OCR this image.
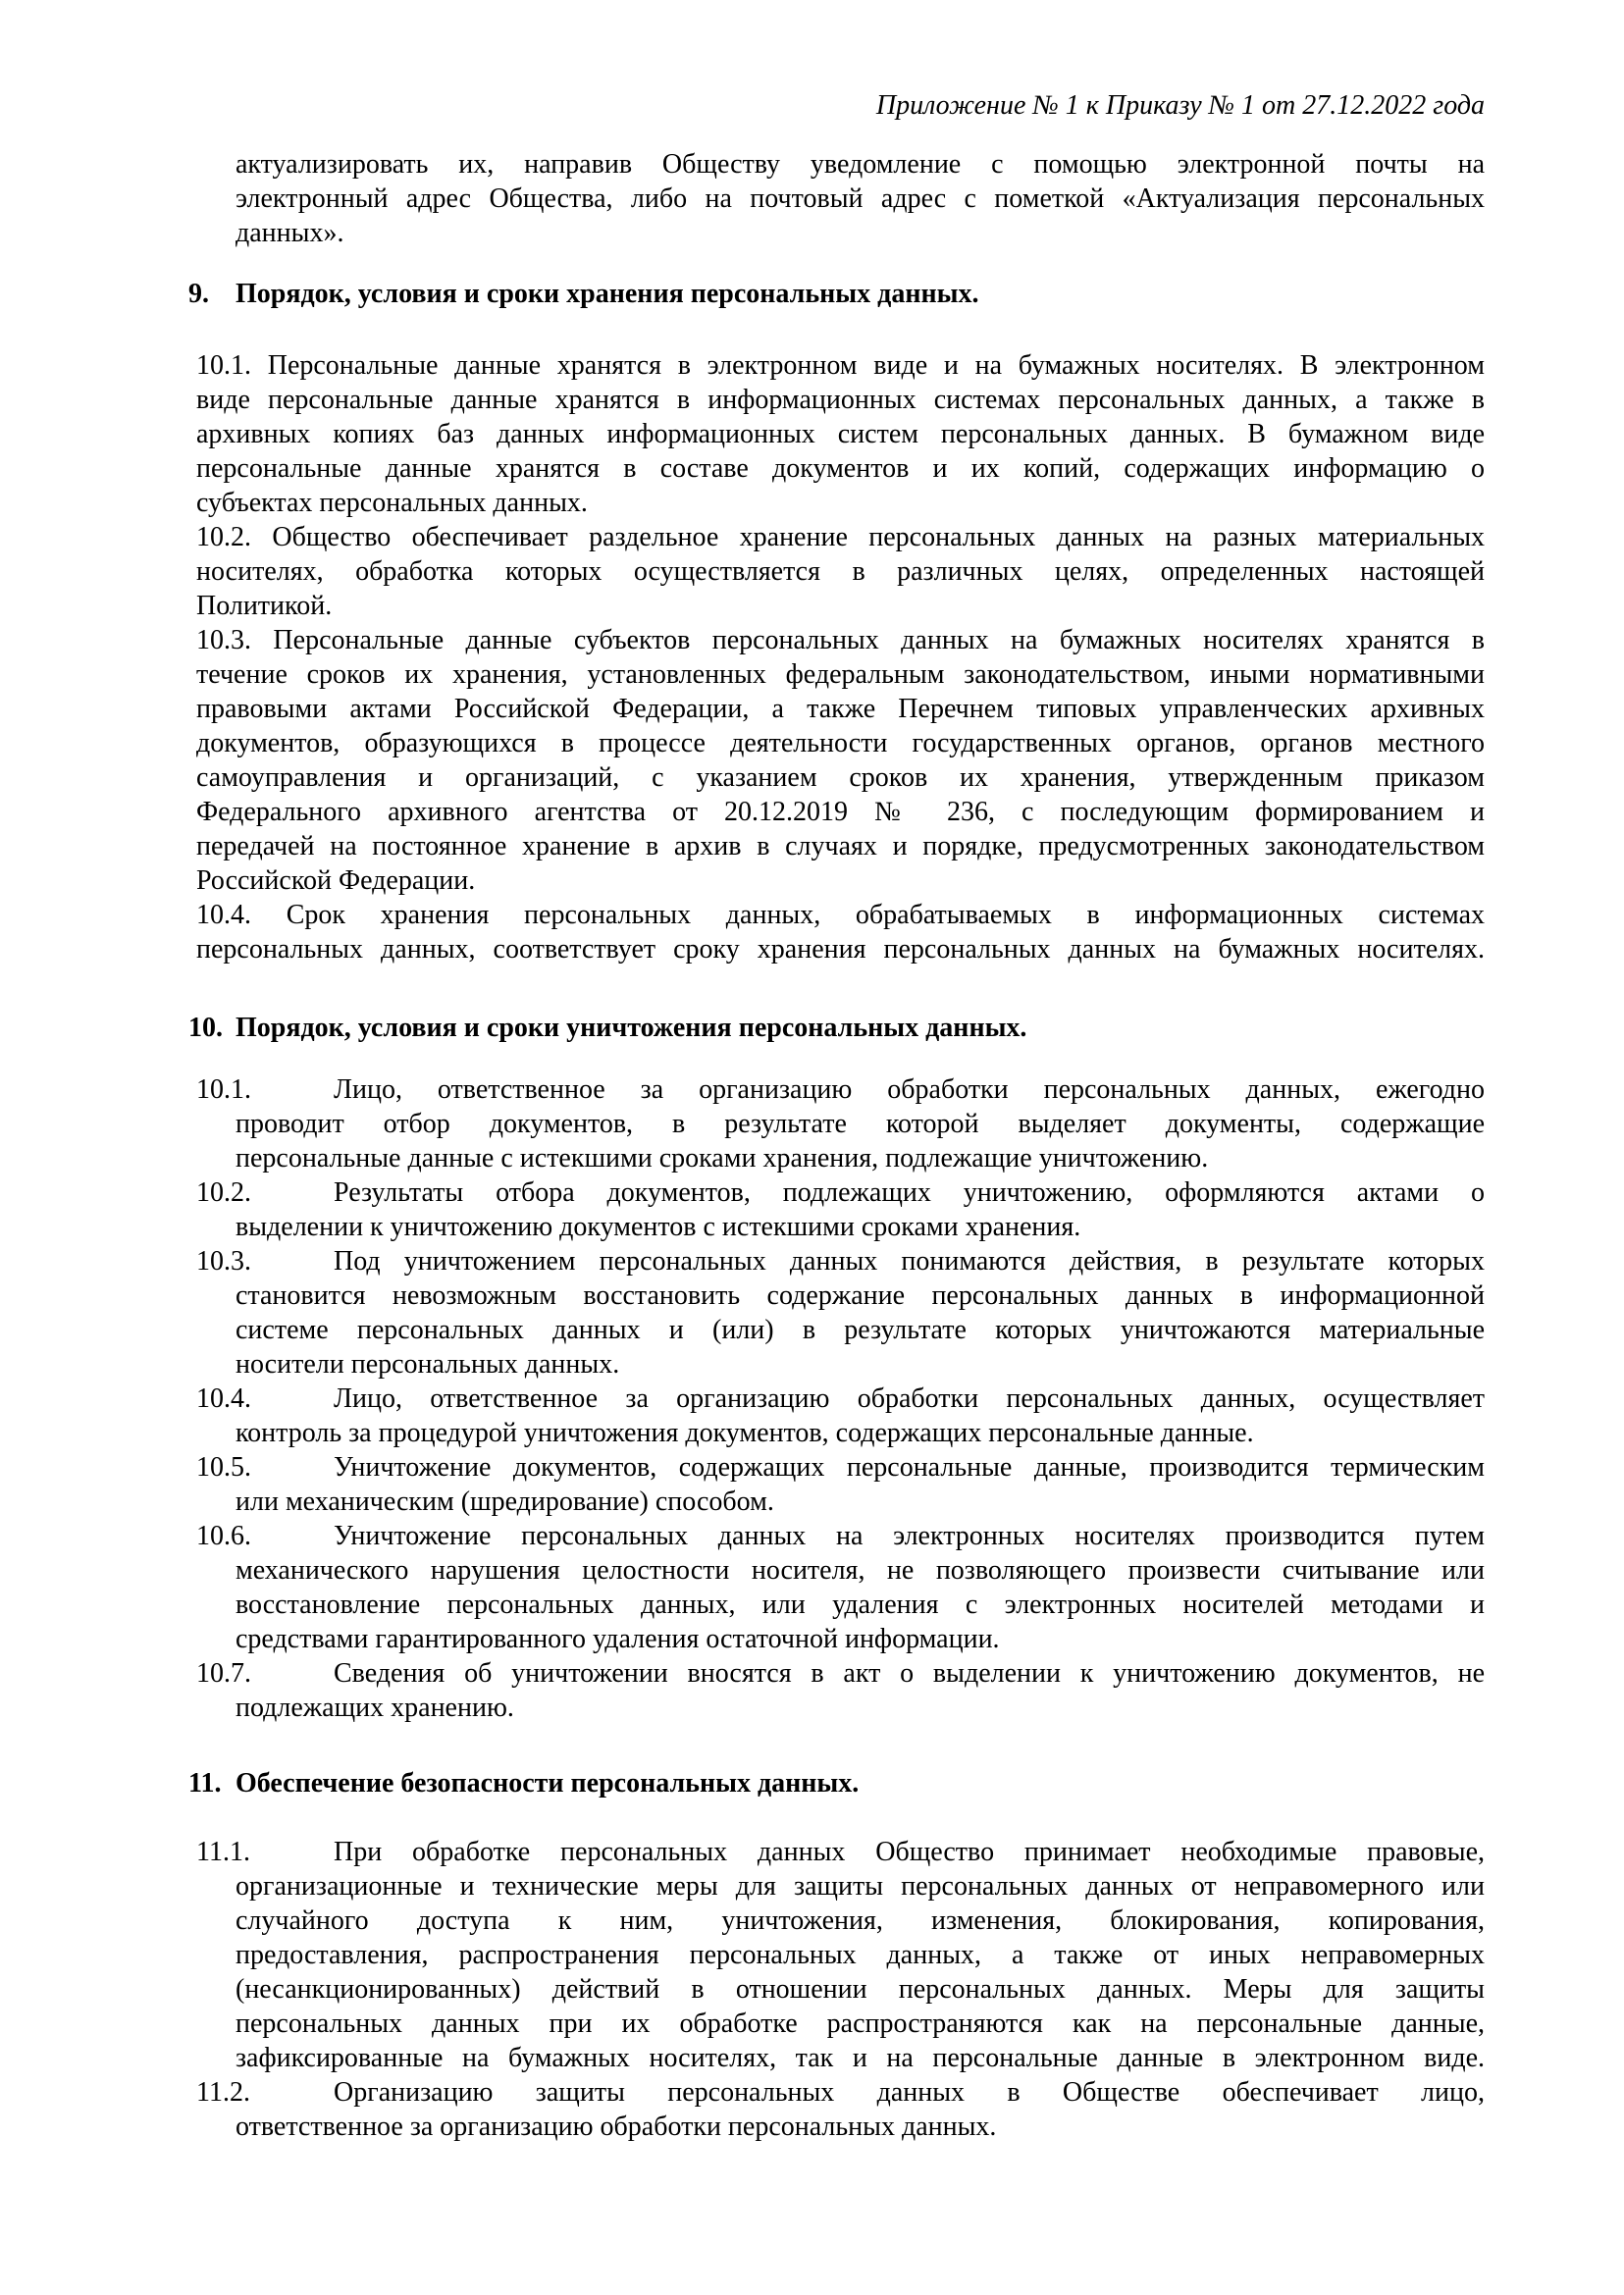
Приложение № 1 к Приказу № 1 от 27.12.2022 года
актуализировать их, направив Обществу уведомление с помощью электронной почты на
электронный адрес Общества, либо на почтовый адрес с пометкой «Актуализация персональных
данных».
9. Порядок, условия и сроки хранения персональных данных.
10.1. Персональные данные хранятся в электронном виде и на бумажных носителях. В электронном
виде персональные данные хранятся в информационных системах персональных данных, а также в
архивных копиях баз данных информационных систем персональных данных. В бумажном виде
персональные данные хранятся в составе документов и их копий, содержащих информацию о
субъектах персональных данных.
10.2. Общество обеспечивает раздельное хранение персональных данных на разных материальных
носителях, обработка которых осуществляется в различных целях, определенных настоящей
Политикой.
10.3. Персональные данные субъектов персональных данных на бумажных носителях хранятся в
течение сроков их хранения, установленных федеральным законодательством, иными нормативными
правовыми актами Российской Федерации, а также Перечнем типовых управленческих архивных
документов, образующихся в процессе деятельности государственных органов, органов местного
самоуправления и организаций, с указанием сроков их хранения, утвержденным приказом
Федерального архивного агентства от 20.12.2019 № 236, с последующим формированием и
передачей на постоянное хранение в архив в случаях и порядке, предусмотренных законодательством
Российской Федерации.
10.4. Срок хранения персональных данных, обрабатываемых в информационных системах
персональных данных, соответствует сроку хранения персональных данных на бумажных носителях.
10. Порядок, условия и сроки уничтожения персональных данных.
10.1.	Лицо, ответственное за организацию обработки персональных данных, ежегодно
проводит отбор документов, в результате которой выделяет документы, содержащие
персональные данные с истекшими сроками хранения, подлежащие уничтожению.
10.2.	Результаты отбора документов, подлежащих уничтожению, оформляются актами о
выделении к уничтожению документов с истекшими сроками хранения.
10.3.	Под уничтожением персональных данных понимаются действия, в результате которых
становится невозможным восстановить содержание персональных данных в информационной
системе персональных данных и (или) в результате которых уничтожаются материальные
носители персональных данных.
10.4.	Лицо, ответственное за организацию обработки персональных данных, осуществляет
контроль за процедурой уничтожения документов, содержащих персональные данные.
10.5.	Уничтожение документов, содержащих персональные данные, производится термическим
или механическим (шредирование) способом.
10.6.	Уничтожение персональных данных на электронных носителях производится путем
механического нарушения целостности носителя, не позволяющего произвести считывание или
восстановление персональных данных, или удаления с электронных носителей методами и
средствами гарантированного удаления остаточной информации.
10.7.	Сведения об уничтожении вносятся в акт о выделении к уничтожению документов, не
подлежащих хранению.
11. Обеспечение безопасности персональных данных.
11.1.	При обработке персональных данных Общество принимает необходимые правовые,
организационные и технические меры для защиты персональных данных от неправомерного или
случайного доступа к ним, уничтожения, изменения, блокирования, копирования,
предоставления, распространения персональных данных, а также от иных неправомерных
(несанкционированных) действий в отношении персональных данных. Меры для защиты
персональных данных при их обработке распространяются как на персональные данные,
зафиксированные на бумажных носителях, так и на персональные данные в электронном виде.
11.2.	Организацию защиты персональных данных в Обществе обеспечивает лицо,
ответственное за организацию обработки персональных данных.
